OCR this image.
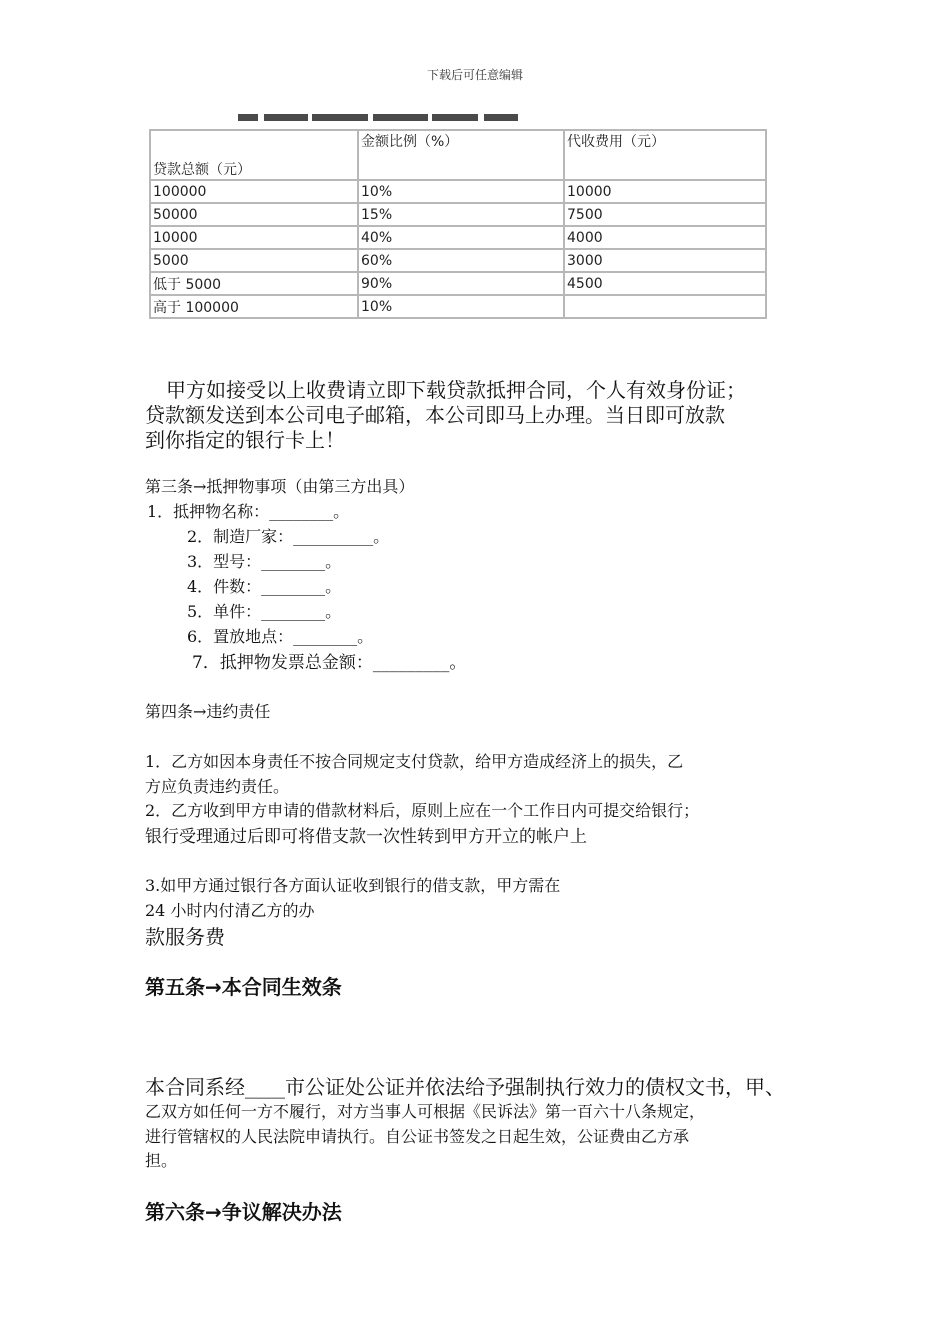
下载后可任意编辑
贷款总额（元）	金额比例（%）	代收费用（元）
100000	10%	10000
50000	15%	7500
10000	40%	4000
5000	60%	3000
低于 5000	90%	4500
高于 100000	10%	
甲方如接受以上收费请立即下载贷款抵押合同，个人有效身份证；
贷款额发送到本公司电子邮箱，本公司即马上办理。当日即可放款
到你指定的银行卡上！
第三条→抵押物事项（由第三方出具）
1．抵押物名称：________。
2．制造厂家：__________。
3．型号：________。
4．件数：________。
5．单件：________。
6．置放地点：________。
7．抵押物发票总金额：_________。
第四条→违约责任
1．乙方如因本身责任不按合同规定支付贷款，给甲方造成经济上的损失，乙
方应负责违约责任。
2．乙方收到甲方申请的借款材料后，原则上应在一个工作日内可提交给银行；
银行受理通过后即可将借支款一次性转到甲方开立的帐户上
3.如甲方通过银行各方面认证收到银行的借支款，甲方需在
24 小时内付清乙方的办
款服务费
第五条→本合同生效条
本合同系经____市公证处公证并依法给予强制执行效力的债权文书，甲、
乙双方如任何一方不履行，对方当事人可根据《民诉法》第一百六十八条规定，
进行管辖权的人民法院申请执行。自公证书签发之日起生效，公证费由乙方承
担。
第六条→争议解决办法
